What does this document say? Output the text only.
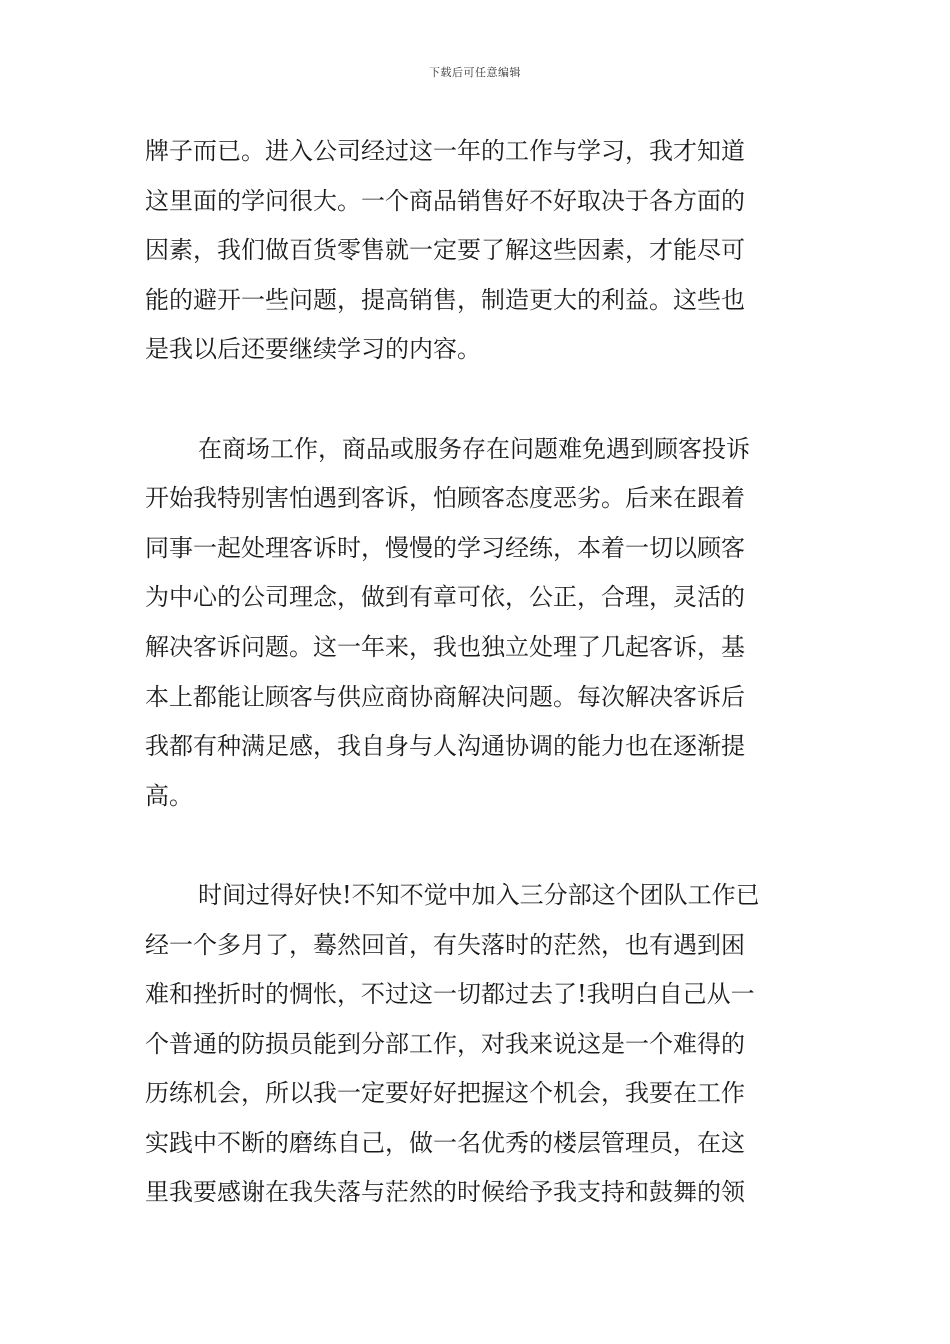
下载后可任意编辑
牌子而已。进入公司经过这一年的工作与学习，我才知道
这里面的学问很大。一个商品销售好不好取决于各方面的
因素，我们做百货零售就一定要了解这些因素，才能尽可
能的避开一些问题，提高销售，制造更大的利益。这些也
是我以后还要继续学习的内容。
在商场工作，商品或服务存在问题难免遇到顾客投诉
开始我特别害怕遇到客诉，怕顾客态度恶劣。后来在跟着
同事一起处理客诉时，慢慢的学习经练，本着一切以顾客
为中心的公司理念，做到有章可依，公正，合理，灵活的
解决客诉问题。这一年来，我也独立处理了几起客诉，基
本上都能让顾客与供应商协商解决问题。每次解决客诉后
我都有种满足感，我自身与人沟通协调的能力也在逐渐提
高。
时间过得好快!不知不觉中加入三分部这个团队工作已
经一个多月了，蓦然回首，有失落时的茫然，也有遇到困
难和挫折时的惆怅，不过这一切都过去了!我明白自己从一
个普通的防损员能到分部工作，对我来说这是一个难得的
历练机会，所以我一定要好好把握这个机会，我要在工作
实践中不断的磨练自己，做一名优秀的楼层管理员，在这
里我要感谢在我失落与茫然的时候给予我支持和鼓舞的领
